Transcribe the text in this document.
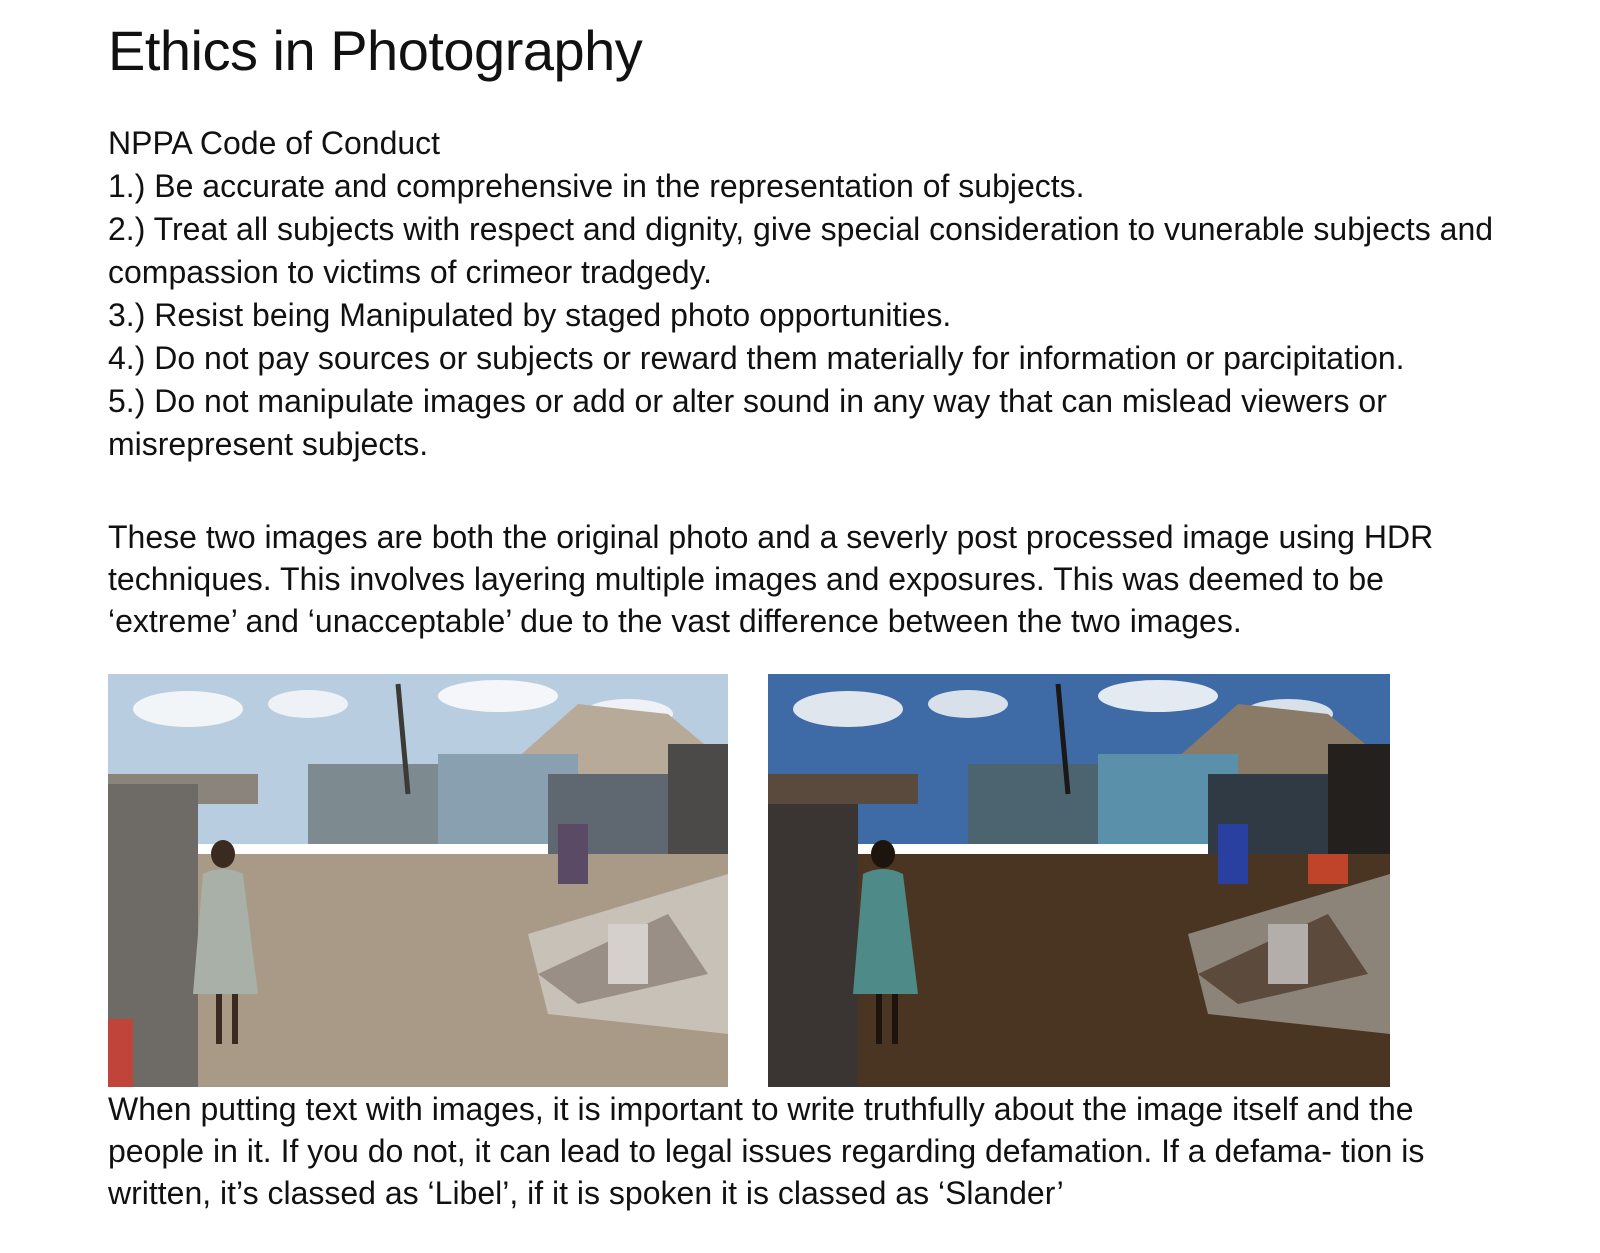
Ethics in Photography

NPPA Code of Conduct

1.) Be accurate and comprehensive in the representation of subjects.

2.) Treat all subjects with respect and dignity, give special consideration to vunerable subjects and compassion to victims of crimeor tradgedy.

3.) Resist being Manipulated by staged photo opportunities.

4.) Do not pay sources or subjects or reward them materially for information or parcipitation.

5.) Do not manipulate images or add or alter sound in any way that can mislead viewers or misrepresent subjects.

These two images are both the original photo and a severly post processed image using HDR techniques. This involves layering multiple images and exposures. This was deemed to be ‘extreme’ and ‘unacceptable’ due to the vast difference between the two images.

When putting text with images, it is important to write truthfully about the image itself and the people in it. If you do not, it can lead to legal issues regarding defamation. If a defama- tion is written, it’s classed as ‘Libel’, if it is spoken it is classed as ‘Slander’
